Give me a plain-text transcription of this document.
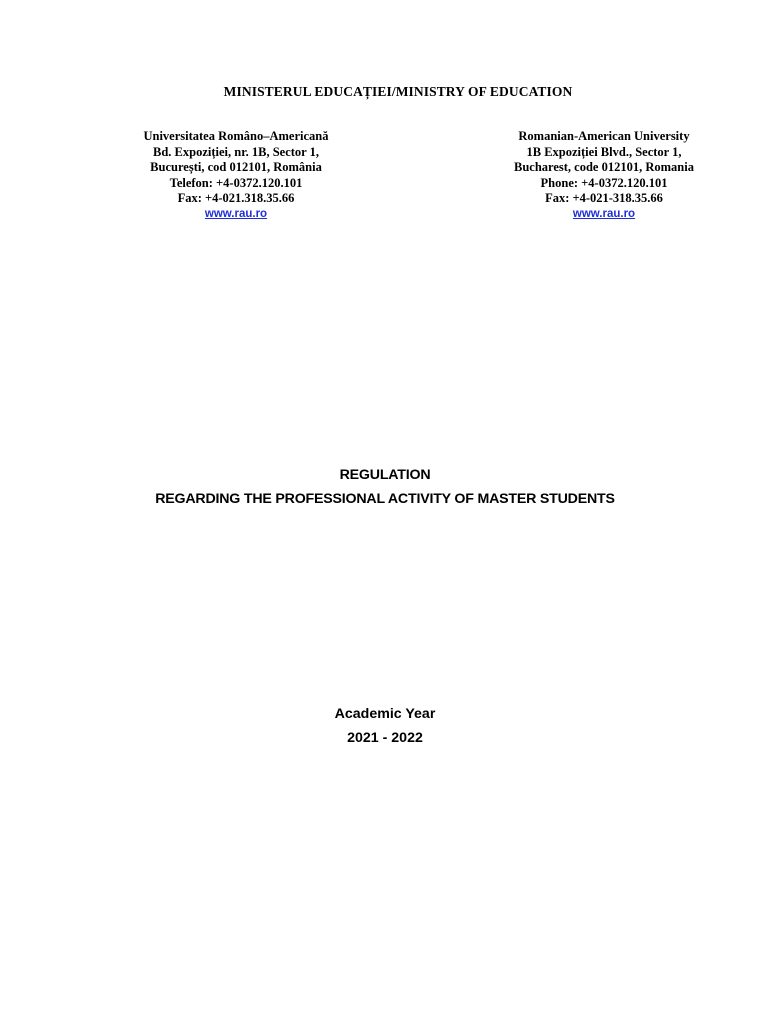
MINISTERUL EDUCAȚIEI/MINISTRY OF EDUCATION
Universitatea Româno–Americană
Bd. Expoziției, nr. 1B, Sector 1,
București, cod 012101, România
Telefon: +4-0372.120.101
Fax: +4-021.318.35.66
www.rau.ro
Romanian-American University
1B Expoziției Blvd., Sector 1,
Bucharest, code 012101, Romania
Phone: +4-0372.120.101
Fax: +4-021-318.35.66
www.rau.ro
REGULATION
REGARDING THE PROFESSIONAL ACTIVITY OF MASTER STUDENTS
Academic Year
2021 - 2022
